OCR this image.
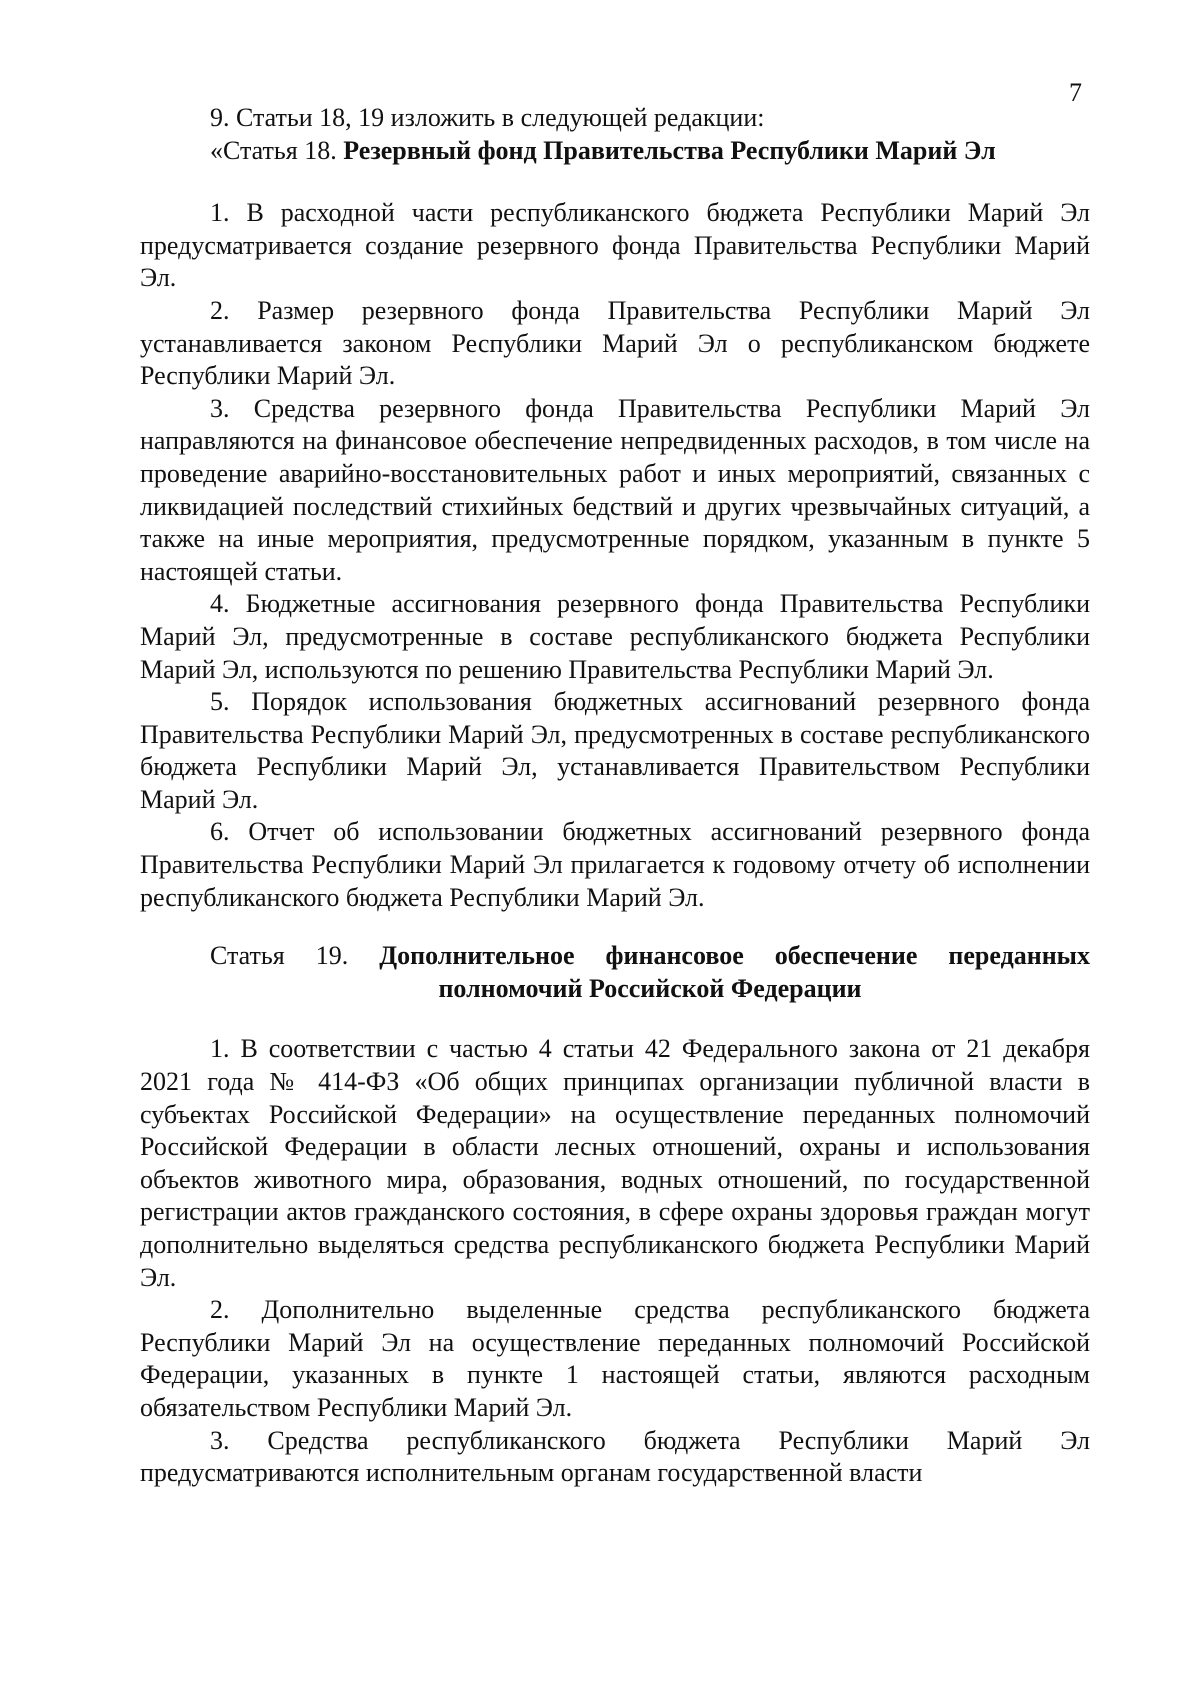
7

9. Статьи 18, 19 изложить в следующей редакции:

«Статья 18. Резервный фонд Правительства Республики Марий Эл

1. В расходной части республиканского бюджета Республики Марий Эл предусматривается создание резервного фонда Правительства Республики Марий Эл.

2. Размер резервного фонда Правительства Республики Марий Эл устанавливается законом Республики Марий Эл о республиканском бюджете Республики Марий Эл.

3. Средства резервного фонда Правительства Республики Марий Эл направляются на финансовое обеспечение непредвиденных расходов, в том числе на проведение аварийно-восстановительных работ и иных мероприятий, связанных с ликвидацией последствий стихийных бедствий и других чрезвычайных ситуаций, а также на иные мероприятия, предусмотренные порядком, указанным в пункте 5 настоящей статьи.

4. Бюджетные ассигнования резервного фонда Правительства Республики Марий Эл, предусмотренные в составе республиканского бюджета Республики Марий Эл, используются по решению Правительства Республики Марий Эл.

5. Порядок использования бюджетных ассигнований резервного фонда Правительства Республики Марий Эл, предусмотренных в составе республиканского бюджета Республики Марий Эл, устанавливается Правительством Республики Марий Эл.

6. Отчет об использовании бюджетных ассигнований резервного фонда Правительства Республики Марий Эл прилагается к годовому отчету об исполнении республиканского бюджета Республики Марий Эл.

Статья 19. Дополнительное финансовое обеспечение переданных полномочий Российской Федерации

1. В соответствии с частью 4 статьи 42 Федерального закона от 21 декабря 2021 года № 414-ФЗ «Об общих принципах организации публичной власти в субъектах Российской Федерации» на осуществление переданных полномочий Российской Федерации в области лесных отношений, охраны и использования объектов животного мира, образования, водных отношений, по государственной регистрации актов гражданского состояния, в сфере охраны здоровья граждан могут дополнительно выделяться средства республиканского бюджета Республики Марий Эл.

2. Дополнительно выделенные средства республиканского бюджета Республики Марий Эл на осуществление переданных полномочий Российской Федерации, указанных в пункте 1 настоящей статьи, являются расходным обязательством Республики Марий Эл.

3. Средства республиканского бюджета Республики Марий Эл предусматриваются исполнительным органам государственной власти
